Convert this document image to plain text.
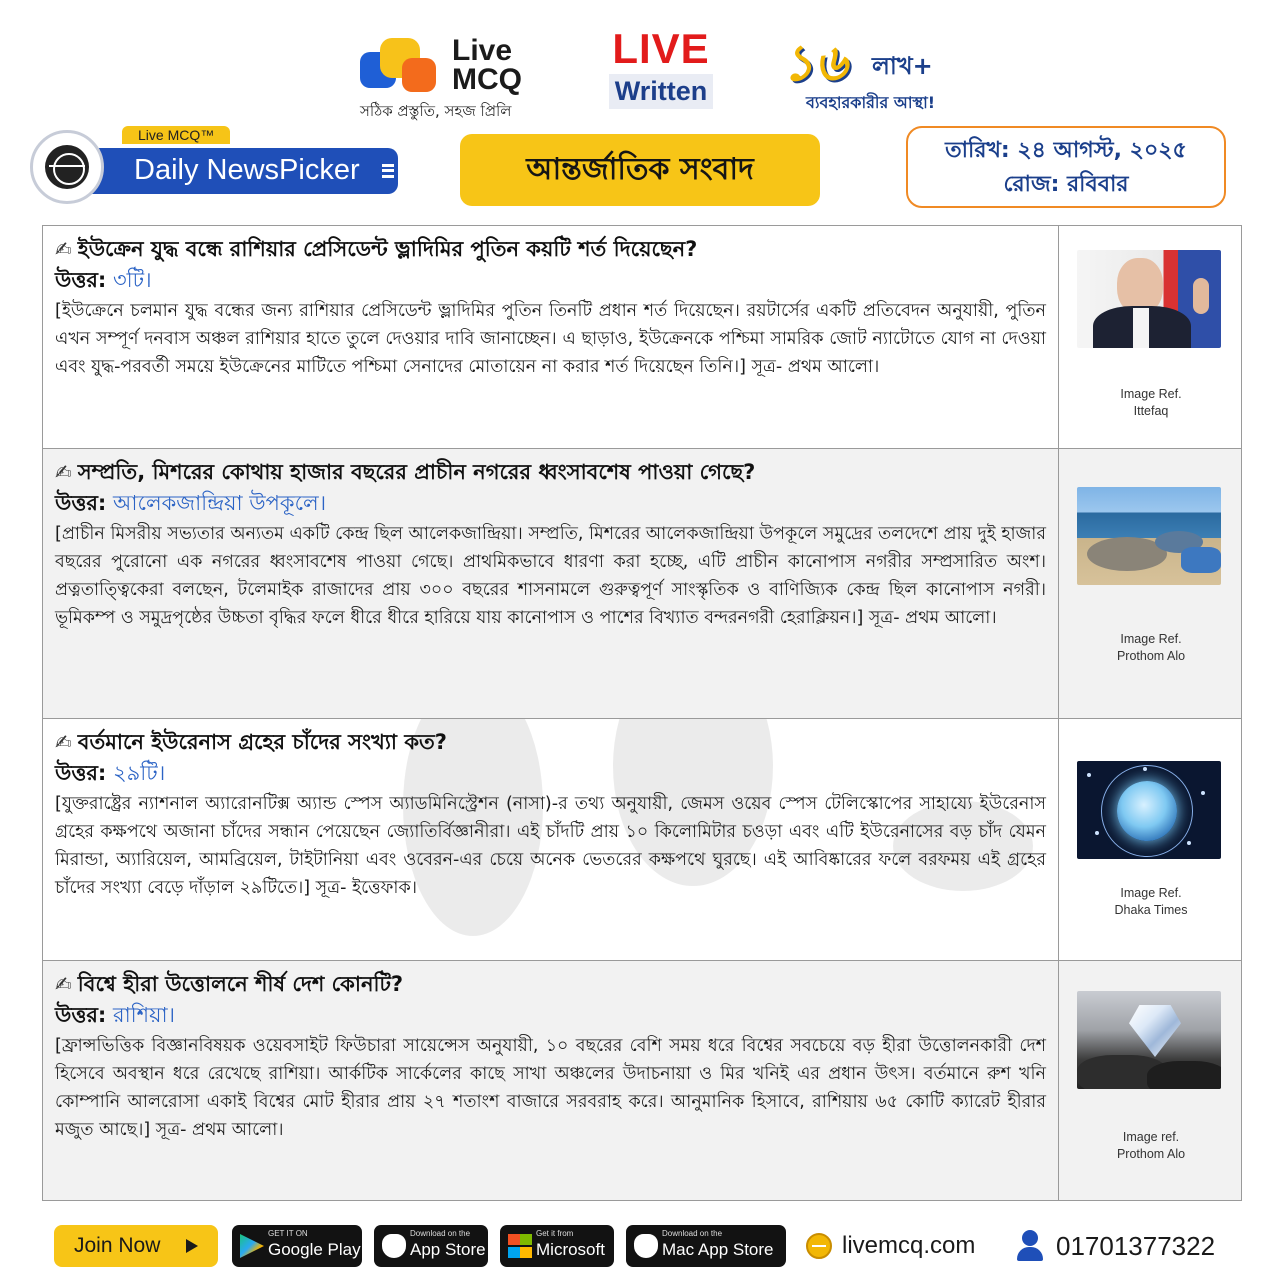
Live
MCQ
সঠিক প্রস্তুতি, সহজ প্রিলি
LIVE
Written ১৬ লাখ+
ব্যবহারকারীর আস্থা!
Live MCQ™
Daily NewsPicker	আন্তর্জাতিক সংবাদ
তারিখ: ২৪ আগস্ট, ২০২৫
রোজ: রবিবার
✍ ইউক্রেন যুদ্ধ বন্ধে রাশিয়ার প্রেসিডেন্ট ভ্লাদিমির পুতিন কয়টি শর্ত দিয়েছেন?
উত্তর: ৩টি।
[ইউক্রেনে চলমান যুদ্ধ বন্ধের জন্য রাশিয়ার প্রেসিডেন্ট ভ্লাদিমির পুতিন তিনটি প্রধান শর্ত দিয়েছেন। রয়টার্সের একটি প্রতিবেদন অনুযায়ী, পুতিন এখন সম্পূর্ণ দনবাস অঞ্চল রাশিয়ার হাতে তুলে দেওয়ার দাবি জানাচ্ছেন। এ ছাড়াও, ইউক্রেনকে পশ্চিমা সামরিক জোট ন্যাটোতে যোগ না দেওয়া এবং যুদ্ধ-পরবর্তী সময়ে ইউক্রেনের মাটিতে পশ্চিমা সেনাদের মোতায়েন না করার শর্ত দিয়েছেন তিনি।] সূত্র- প্রথম আলো।
Image Ref.
Ittefaq
✍ সম্প্রতি, মিশরের কোথায় হাজার বছরের প্রাচীন নগরের ধ্বংসাবশেষ পাওয়া গেছে?
উত্তর: আলেকজান্দ্রিয়া উপকূলে।
[প্রাচীন মিসরীয় সভ্যতার অন্যতম একটি কেন্দ্র ছিল আলেকজান্দ্রিয়া। সম্প্রতি, মিশরের আলেকজান্দ্রিয়া উপকূলে সমুদ্রের তলদেশে প্রায় দুই হাজার বছরের পুরোনো এক নগরের ধ্বংসাবশেষ পাওয়া গেছে। প্রাথমিকভাবে ধারণা করা হচ্ছে, এটি প্রাচীন কানোপাস নগরীর সম্প্রসারিত অংশ। প্রত্নতাত্ত্বিকেরা বলছেন, টলেমাইক রাজাদের প্রায় ৩০০ বছরের শাসনামলে গুরুত্বপূর্ণ সাংস্কৃতিক ও বাণিজ্যিক কেন্দ্র ছিল কানোপাস নগরী। ভূমিকম্প ও সমুদ্রপৃষ্ঠের উচ্চতা বৃদ্ধির ফলে ধীরে ধীরে হারিয়ে যায় কানোপাস ও পাশের বিখ্যাত বন্দরনগরী হেরাক্লিয়ন।] সূত্র- প্রথম আলো।
Image Ref.
Prothom Alo
✍ বর্তমানে ইউরেনাস গ্রহের চাঁদের সংখ্যা কত?
উত্তর: ২৯টি।
[যুক্তরাষ্ট্রের ন্যাশনাল অ্যারোনটিক্স অ্যান্ড স্পেস অ্যাডমিনিস্ট্রেশন (নাসা)-র তথ্য অনুযায়ী, জেমস ওয়েব স্পেস টেলিস্কোপের সাহায্যে ইউরেনাস গ্রহের কক্ষপথে অজানা চাঁদের সন্ধান পেয়েছেন জ্যোতির্বিজ্ঞানীরা। এই চাঁদটি প্রায় ১০ কিলোমিটার চওড়া এবং এটি ইউরেনাসের বড় চাঁদ যেমন মিরান্ডা, অ্যারিয়েল, আমব্রিয়েল, টাইটানিয়া এবং ওবেরন-এর চেয়ে অনেক ভেতরের কক্ষপথে ঘুরছে। এই আবিষ্কারের ফলে বরফময় এই গ্রহের চাঁদের সংখ্যা বেড়ে দাঁড়াল ২৯টিতে।] সূত্র- ইত্তেফাক।	Image Ref.
Dhaka Times
✍ বিশ্বে হীরা উত্তোলনে শীর্ষ দেশ কোনটি?
উত্তর: রাশিয়া।
[ফ্রান্সভিত্তিক বিজ্ঞানবিষয়ক ওয়েবসাইট ফিউচারা সায়েন্সেস অনুযায়ী, ১০ বছরের বেশি সময় ধরে বিশ্বের সবচেয়ে বড় হীরা উত্তোলনকারী দেশ হিসেবে অবস্থান ধরে রেখেছে রাশিয়া। আর্কটিক সার্কেলের কাছে সাখা অঞ্চলের উদাচনায়া ও মির খনিই এর প্রধান উৎস। বর্তমানে রুশ খনি কোম্পানি আলরোসা একাই বিশ্বের মোট হীরার প্রায় ২৭ শতাংশ বাজারে সরবরাহ করে। আনুমানিক হিসাবে, রাশিয়ায় ৬৫ কোটি ক্যারেট হীরার মজুত আছে।] সূত্র- প্রথম আলো।	Image ref.
Prothom Alo
Join Now
GET IT ON
Google Play
Download on the
App Store
Get it from
Microsoft
Download on the
Mac App Store	livemcq.com	01701377322
